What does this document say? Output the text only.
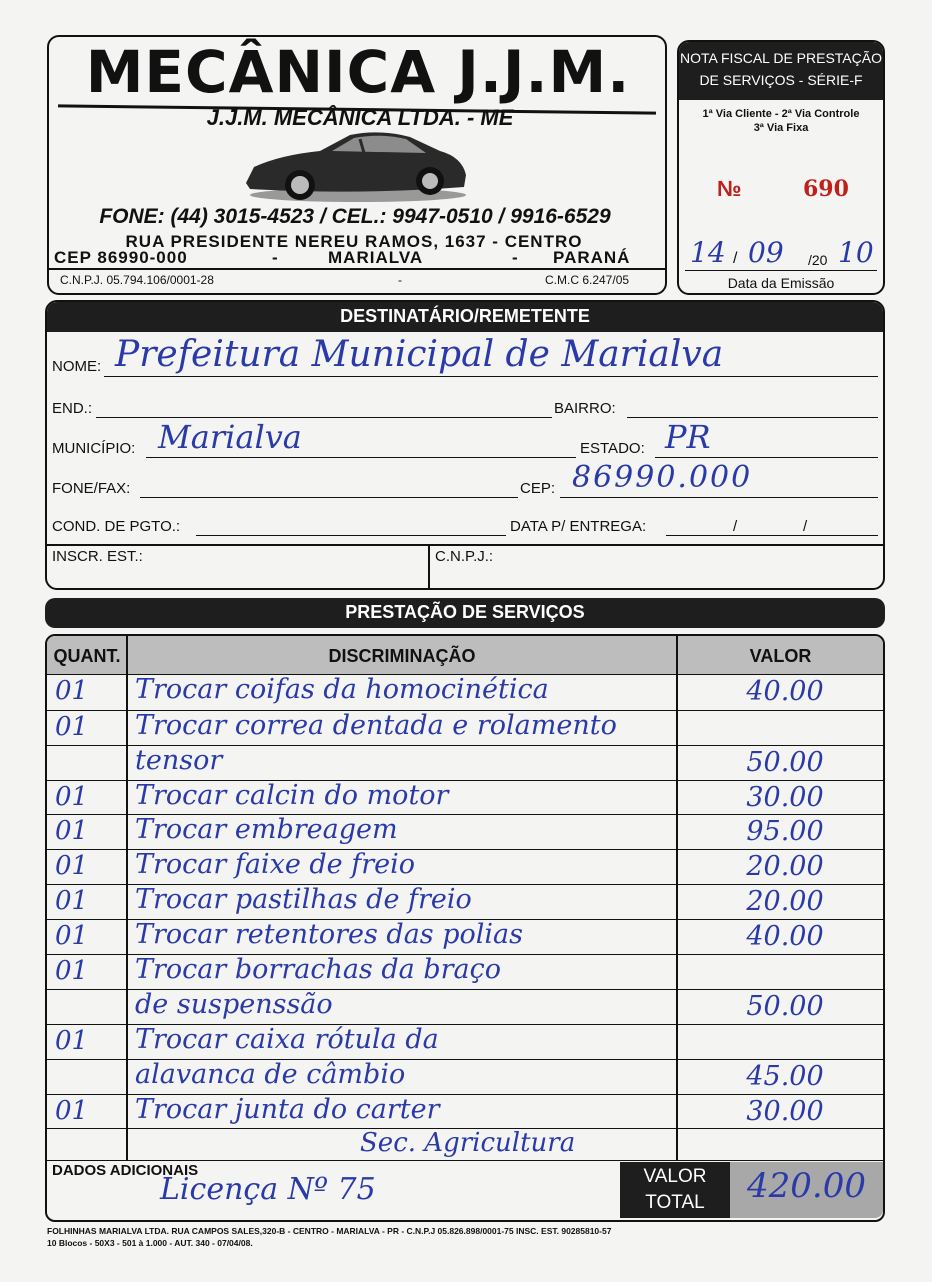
MECÂNICA J.J.M.
J.J.M. MECÂNICA LTDA. - ME
FONE: (44) 3015-4523 / CEL.: 9947-0510 / 9916-6529
RUA PRESIDENTE NEREU RAMOS, 1637 - CENTRO
CEP 86990-000	-	MARIALVA	- PARANÁ
C.N.P.J. 05.794.106/0001-28	-	C.M.C 6.247/05
NOTA FISCAL DE PRESTAÇÃO
DE SERVIÇOS - SÉRIE-F
1ª Via Cliente - 2ª Via Controle
3ª Via Fixa
№	690
14 / 09 /20 10
Data da Emissão
DESTINATÁRIO/REMETENTE
NOME: Prefeitura Municipal de Marialva
END.:	BAIRRO:
MUNICÍPIO: Marialva	ESTADO: PR
FONE/FAX:	CEP: 86990.000
COND. DE PGTO.:	DATA P/ ENTREGA:	/	/
INSCR. EST.:	C.N.P.J.:
PRESTAÇÃO DE SERVIÇOS
QUANT.	DISCRIMINAÇÃO	VALOR
01 Trocar coifas da homocinética	40.00
01 Trocar correa dentada e rolamento
tensor	50.00
01 Trocar calcin do motor	30.00
01 Trocar embreagem	95.00
01 Trocar faixe de freio	20.00
01 Trocar pastilhas de freio	20.00
01 Trocar retentores das polias	40.00
01 Trocar borrachas da braço
de suspenssão	50.00
01 Trocar caixa rótula da
alavanca de câmbio	45.00
01 Trocar junta do carter	30.00
Sec. Agricultura
DADOS ADICIONAIS
Licença Nº 75	VALOR
TOTAL	420.00
FOLHINHAS MARIALVA LTDA. RUA CAMPOS SALES,320-B - CENTRO - MARIALVA - PR - C.N.P.J 05.826.898/0001-75 INSC. EST. 90285810-57
10 Blocos - 50X3 - 501 à 1.000 - AUT. 340 - 07/04/08.
